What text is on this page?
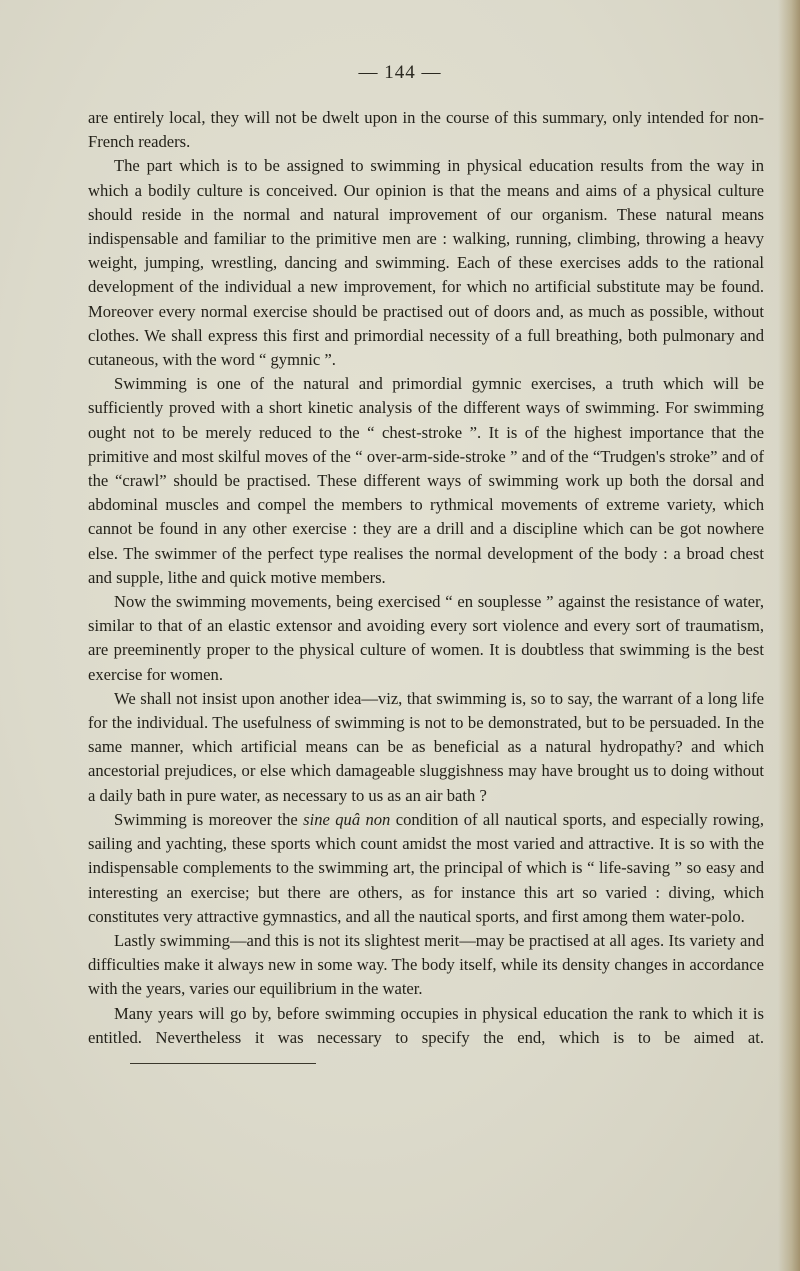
— 144 —

are entirely local, they will not be dwelt upon in the course of this summary, only intended for non-French readers.

The part which is to be assigned to swimming in physical education results from the way in which a bodily culture is conceived. Our opinion is that the means and aims of a physical culture should reside in the normal and natural improvement of our organism. These natural means indispensable and familiar to the primitive men are : walking, running, climbing, throwing a heavy weight, jumping, wrestling, dancing and swimming. Each of these exercises adds to the rational development of the individual a new improvement, for which no artificial substitute may be found. Moreover every normal exercise should be practised out of doors and, as much as possible, without clothes. We shall express this first and primordial necessity of a full breathing, both pulmonary and cutaneous, with the word “ gymnic ”.

Swimming is one of the natural and primordial gymnic exercises, a truth which will be sufficiently proved with a short kinetic analysis of the different ways of swimming. For swimming ought not to be merely reduced to the “ chest-stroke ”. It is of the highest importance that the primitive and most skilful moves of the “ over-arm-side-stroke ” and of the “Trudgen's stroke” and of the “crawl” should be practised. These different ways of swimming work up both the dorsal and abdominal muscles and compel the members to rythmical movements of extreme variety, which cannot be found in any other exercise : they are a drill and a discipline which can be got nowhere else. The swimmer of the perfect type realises the normal development of the body : a broad chest and supple, lithe and quick motive members.

Now the swimming movements, being exercised “ en souplesse ” against the resistance of water, similar to that of an elastic extensor and avoiding every sort violence and every sort of traumatism, are preeminently proper to the physical culture of women. It is doubtless that swimming is the best exercise for women.

We shall not insist upon another idea—viz, that swimming is, so to say, the warrant of a long life for the individual. The usefulness of swimming is not to be demonstrated, but to be persuaded. In the same manner, which artificial means can be as beneficial as a natural hydropathy? and which ancestorial prejudices, or else which damageable sluggishness may have brought us to doing without a daily bath in pure water, as necessary to us as an air bath ?

Swimming is moreover the sine quâ non condition of all nautical sports, and especially rowing, sailing and yachting, these sports which count amidst the most varied and attractive. It is so with the indispensable complements to the swimming art, the principal of which is “ life-saving ” so easy and interesting an exercise; but there are others, as for instance this art so varied : diving, which constitutes very attractive gymnastics, and all the nautical sports, and first among them water-polo.

Lastly swimming—and this is not its slightest merit—may be practised at all ages. Its variety and difficulties make it always new in some way. The body itself, while its density changes in accordance with the years, varies our equilibrium in the water.

Many years will go by, before swimming occupies in physical education the rank to which it is entitled. Nevertheless it was necessary to specify the end, which is to be aimed at.
